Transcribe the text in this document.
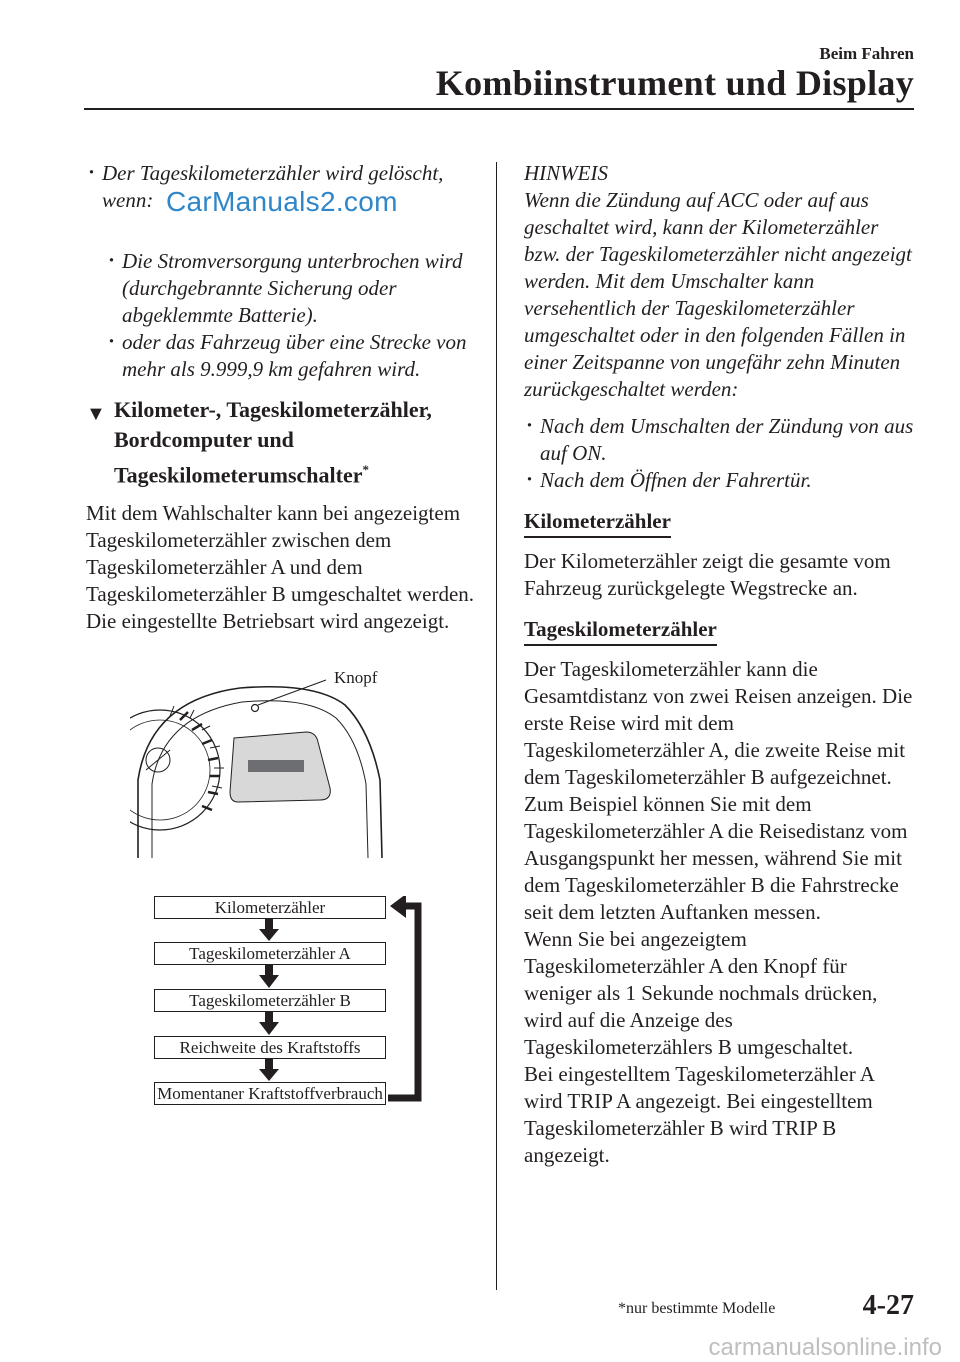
Beim Fahren
Kombiinstrument und Display
CarManuals2.com

· Der Tageskilometerzähler wird gelöscht, wenn:

· Die Stromversorgung unterbrochen wird (durchgebrannte Sicherung oder abgeklemmte Batterie).

· oder das Fahrzeug über eine Strecke von mehr als 9.999,9 km gefahren wird.

▼ Kilometer-, Tageskilometerzähler, Bordcomputer und Tageskilometerumschalter*

Mit dem Wahlschalter kann bei angezeigtem Tageskilometerzähler zwischen dem Tageskilometerzähler A und dem Tageskilometerzähler B umgeschaltet werden. Die eingestellte Betriebsart wird angezeigt.

Knopf
Kilometerzähler
Tageskilometerzähler A
Tageskilometerzähler B
Reichweite des Kraftstoffs
Momentaner Kraftstoffverbrauch

HINWEIS

Wenn die Zündung auf ACC oder auf aus geschaltet wird, kann der Kilometerzähler bzw. der Tageskilometerzähler nicht angezeigt werden. Mit dem Umschalter kann versehentlich der Tageskilometerzähler umgeschaltet oder in den folgenden Fällen in einer Zeitspanne von ungefähr zehn Minuten zurückgeschaltet werden:

· Nach dem Umschalten der Zündung von aus auf ON.

· Nach dem Öffnen der Fahrertür.

Kilometerzähler

Der Kilometerzähler zeigt die gesamte vom Fahrzeug zurückgelegte Wegstrecke an.

Tageskilometerzähler

Der Tageskilometerzähler kann die Gesamtdistanz von zwei Reisen anzeigen. Die erste Reise wird mit dem Tageskilometerzähler A, die zweite Reise mit dem Tageskilometerzähler B aufgezeichnet.

Zum Beispiel können Sie mit dem Tageskilometerzähler A die Reisedistanz vom Ausgangspunkt her messen, während Sie mit dem Tageskilometerzähler B die Fahrstrecke seit dem letzten Auftanken messen.

Wenn Sie bei angezeigtem Tageskilometerzähler A den Knopf für weniger als 1 Sekunde nochmals drücken, wird auf die Anzeige des Tageskilometerzählers B umgeschaltet.

Bei eingestelltem Tageskilometerzähler A wird TRIP A angezeigt. Bei eingestelltem Tageskilometerzähler B wird TRIP B angezeigt.

*nur bestimmte Modelle	4-27
carmanualsonline.info
